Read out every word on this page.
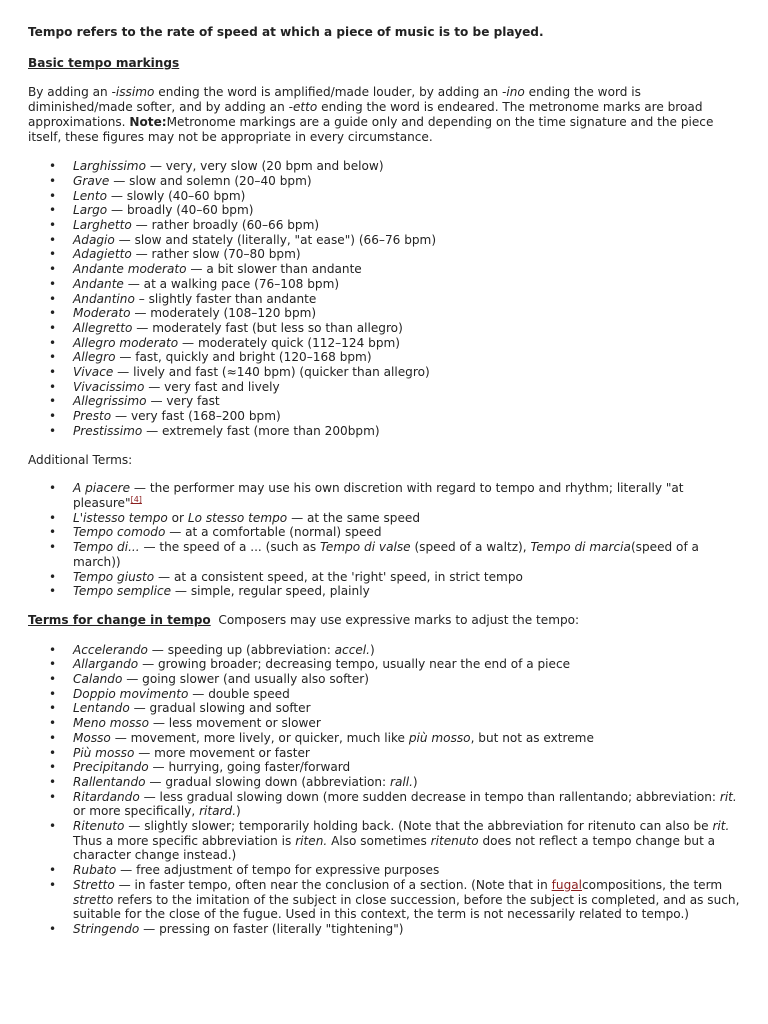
Tempo refers to the rate of speed at which a piece of music is to be played.

Basic tempo markings

By adding an -issimo ending the word is amplified/made louder, by adding an -ino ending the word is diminished/made softer, and by adding an -etto ending the word is endeared. The metronome marks are broad approximations. Note:Metronome markings are a guide only and depending on the time signature and the piece itself, these figures may not be appropriate in every circumstance.

• Larghissimo — very, very slow (20 bpm and below)
• Grave — slow and solemn (20–40 bpm)
• Lento — slowly (40–60 bpm)
• Largo — broadly (40–60 bpm)
• Larghetto — rather broadly (60–66 bpm)
• Adagio — slow and stately (literally, "at ease") (66–76 bpm)
• Adagietto — rather slow (70–80 bpm)
• Andante moderato — a bit slower than andante
• Andante — at a walking pace (76–108 bpm)
• Andantino – slightly faster than andante
• Moderato — moderately (108–120 bpm)
• Allegretto — moderately fast (but less so than allegro)
• Allegro moderato — moderately quick (112–124 bpm)
• Allegro — fast, quickly and bright (120–168 bpm)
• Vivace — lively and fast (≈140 bpm) (quicker than allegro)
• Vivacissimo — very fast and lively
• Allegrissimo — very fast
• Presto — very fast (168–200 bpm)
• Prestissimo — extremely fast (more than 200bpm)

Additional Terms:

• A piacere — the performer may use his own discretion with regard to tempo and rhythm; literally "at pleasure"[4]
• L'istesso tempo or Lo stesso tempo — at the same speed
• Tempo comodo — at a comfortable (normal) speed
• Tempo di... — the speed of a ... (such as Tempo di valse (speed of a waltz), Tempo di marcia(speed of a march))
• Tempo giusto — at a consistent speed, at the 'right' speed, in strict tempo
• Tempo semplice — simple, regular speed, plainly

Terms for change in tempo Composers may use expressive marks to adjust the tempo:

• Accelerando — speeding up (abbreviation: accel.)
• Allargando — growing broader; decreasing tempo, usually near the end of a piece
• Calando — going slower (and usually also softer)
• Doppio movimento — double speed
• Lentando — gradual slowing and softer
• Meno mosso — less movement or slower
• Mosso — movement, more lively, or quicker, much like più mosso, but not as extreme
• Più mosso — more movement or faster
• Precipitando — hurrying, going faster/forward
• Rallentando — gradual slowing down (abbreviation: rall.)
• Ritardando — less gradual slowing down (more sudden decrease in tempo than rallentando; abbreviation: rit. or more specifically, ritard.)
• Ritenuto — slightly slower; temporarily holding back. (Note that the abbreviation for ritenuto can also be rit. Thus a more specific abbreviation is riten. Also sometimes ritenuto does not reflect a tempo change but a character change instead.)
• Rubato — free adjustment of tempo for expressive purposes
• Stretto — in faster tempo, often near the conclusion of a section. (Note that in fugalcompositions, the term stretto refers to the imitation of the subject in close succession, before the subject is completed, and as such, suitable for the close of the fugue. Used in this context, the term is not necessarily related to tempo.)
• Stringendo — pressing on faster (literally "tightening")
